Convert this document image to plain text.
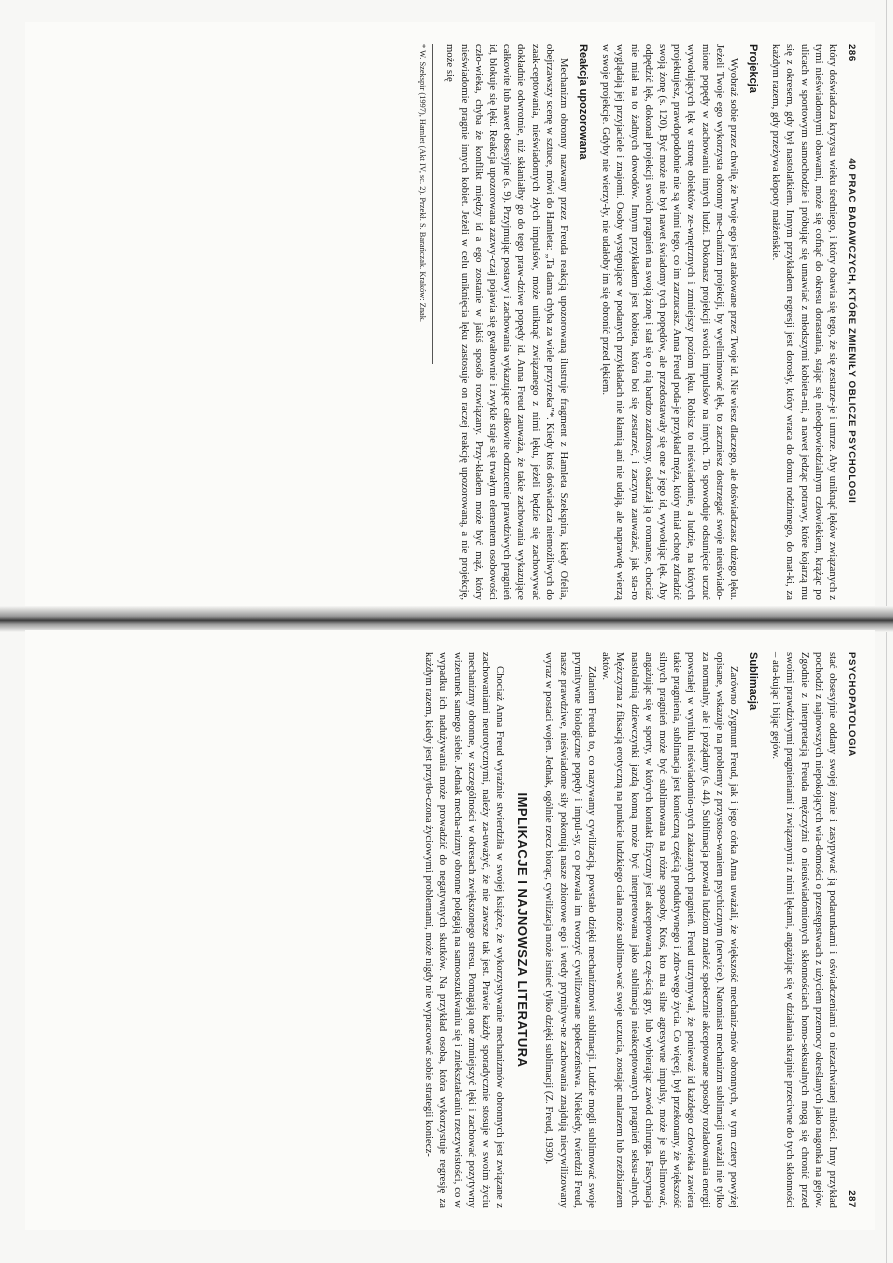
286
40 PRAC BADAWCZYCH, KTÓRE ZMIENIŁY OBLICZE PSYCHOLOGII

który doświadcza kryzysu wieku średniego, i który obawia się tego, że się zestarze-je i umrze. Aby uniknąć lęków związanych z tymi nieświadomymi obawami, może się cofnąć do okresu dorastania, stając się nieodpowiedzialnym człowiekiem, krążąc po ulicach w sportowym samochodzie i próbując się umawiać z młodszymi kobieta-mi, a nawet jedząc potrawy, które kojarzą mu się z okresem, gdy był nastolatkiem. Innym przykładem regresji jest dorosły, który wraca do domu rodzinnego, do mat-ki, za każdym razem, gdy przeżywa kłopoty małżeńskie.

Projekcja

Wyobraź sobie przez chwilę, że Twoje ego jest atakowane przez Twoje id. Nie wiesz dlaczego, ale doświadczasz dużego lęku. Jeżeli Twoje ego wykorzysta obronny me-chanizm projekcji, by wyeliminować lęk, to zaczniesz dostrzegać swoje nieuświado-mione popędy w zachowaniu innych ludzi. Dokonasz projekcji swoich impulsów na innych. To spowoduje odsunięcie uczuć wywołujących lęk w stronę obiektów ze-wnętrznych i zmniejszy poziom lęku. Robisz to nieświadomie, a ludzie, na których projektujesz, prawdopodobnie nie są winni tego, co im zarzucasz. Anna Freud poda-je przykład męża, który miał ochotę zdradzić swoją żonę (s. 120). Być może nie był nawet świadomy tych popędów, ale przedostawały się one z jego id, wywołując lęk. Aby odpędzić lęk, dokonał projekcji swoich pragnień na swoją żonę i stał się o nią bardzo zazdrosny, oskarżał ją o romanse, chociaż nie miał na to żadnych dowodów. Innym przykładem jest kobieta, która boi się zestarzeć, i zaczyna zauważać, jak sta-ro wyglądają jej przyjaciele i znajomi. Osoby występujące w podanych przykładach nie kłamią ani nie udają, ale naprawdę wierzą w swoje projekcje. Gdyby nie wierzy-ły, nie udałoby im się obronić przed lękiem.

Reakcja upozorowana

Mechanizm obronny nazwany przez Freuda reakcją upozorowaną ilustruje fragment z Hamleta Szekspira, kiedy Ofelia, obejrzawszy scenę w sztuce, mówi do Hamleta: „Ta dama chyba za wiele przyrzeka"*. Kiedy ktoś doświadcza niemożliwych do zaak-ceptowania, nieświadomych złych impulsów, może uniknąć związanego z nimi lęku, jeżeli będzie się zachowywać dokładnie odwrotnie, niż skłaniałby go do tego praw-dziwe popędy id. Anna Freud zauważa, że takie zachowania wykazujące całkowite lub nawet obsesyjne (s. 9). Przyjmując postawy i zachowania wykazujące całkowite odrzucenie prawdziwych pragnień id, blokuje się lęki. Reakcja upozorowana zazwy-czaj pojawia się gwałtownie i zwykle staje się trwałym elementem osobowości czło-wieka, chyba że konflikt między id a ego zostanie w jakiś sposób rozwiązany. Przy-kładem może być mąż, który nieświadomie pragnie innych kobiet. Jeżeli w celu uniknięcia lęku zastosuje on raczej reakcję upozorowaną, a nie projekcję, może się

* W. Szekspir (1997), Hamlet (Akt IV, sc. 2). Przekł. S. Barańczak. Kraków: Znak.
PSYCHOPATOLOGIA
287

stać obsesyjnie oddany swojej żonie i zasypywać ją podarunkami i oświadczeniami o niezachwianej miłości. Inny przykład pochodzi z najnowszych niepokojących wia-domości o przestępstwach z użyciem przemocy określanych jako nagonka na gejów. Zgodnie z interpretacją Freuda mężczyźni o nieuświadomionych skłonnościach homo-seksualnych mogą się chronić przed swoimi prawdziwymi pragnieniami i związanymi z nimi lękami, angażując się w działania skrajnie przeciwne do tych skłonności – ata-kując i bijąc gejów.

Sublimacja

Zarówno Zygmunt Freud, jak i jego córka Anna uważali, że większość mechaniz-mów obronnych, w tym cztery powyżej opisane, wskazuje na problemy z przystoso-waniem psychicznym (nerwice). Natomiast mechanizm sublimacji uważali nie tylko za normalny, ale i pożądany (s. 44). Sublimacja pozwala ludziom znaleźć społecznie akceptowane sposoby rozładowania energii powstałej w wyniku nieświadomio-nych zakazanych pragnień. Freud utrzymywał, że ponieważ id każdego człowieka zawiera takie pragnienia, sublimacja jest konieczną częścią produktywnego i zdro-wego życia. Co więcej, był przekonany, że większość silnych pragnień może być sublimowana na różne sposoby. Ktoś, kto ma silne agresywne impulsy, może je sub-limować, angażując się w sporty, w których kontakt fizyczny jest akceptowaną czę-ścią gry, lub wybierając zawód chirurga. Fascynacja nastolatnią dziewczynki jazdą konną może być interpretowana jako sublimacja nieakceptowanych pragnień seksu-alnych. Mężczyzna z fiksacją erotyczną na punkcie ludzkiego ciała może sublimo-wać swoje uczucia, zostając malarzem lub rzeźbiarzem aktów.

Zdaniem Freuda to, co nazywamy cywilizacją, powstało dzięki mechanizmowi sublimacji. Ludzie mogli sublimować swoje prymitywne biologiczne popędy i impul-sy, co pozwala im tworzyć cywilizowane społeczeństwa. Niekiedy, twierdził Freud, nasze prawdziwe, nieświadome siły pokonują nasze zbiorowe ego i wtedy prymityw-ne zachowania znajdują niecywilizowany wyraz w postaci wojen. Jednak, ogólnie rzecz biorąc, cywilizacja może istnieć tylko dzięki sublimacji (Z. Freud, 1930).

IMPLIKACJE I NAJNOWSZA LITERATURA

Chociaż Anna Freud wyraźnie stwierdziła w swojej książce, że wykorzystywanie mechanizmów obronnych jest związane z zachowaniami neurotycznymi, należy za-uważyć, że nie zawsze tak jest. Prawie każdy sporadycznie stosuje w swoim życiu mechanizmy obronne, w szczególności w okresach zwiększonego stresu. Pomagają one zmniejszyć lęki i zachować pozytywny wizerunek samego siebie. Jednak mecha-nizmy obronne polegają na samooszukiwaniu się i zniekształcaniu rzeczywistości, co w wypadku ich nadużywania może prowadzić do negatywnych skutków. Na przykład osoba, która wykorzystuje regresję za każdym razem, kiedy jest przytło-czona życiowymi problemami, może nigdy nie wypracować sobie strategii koniecz-
